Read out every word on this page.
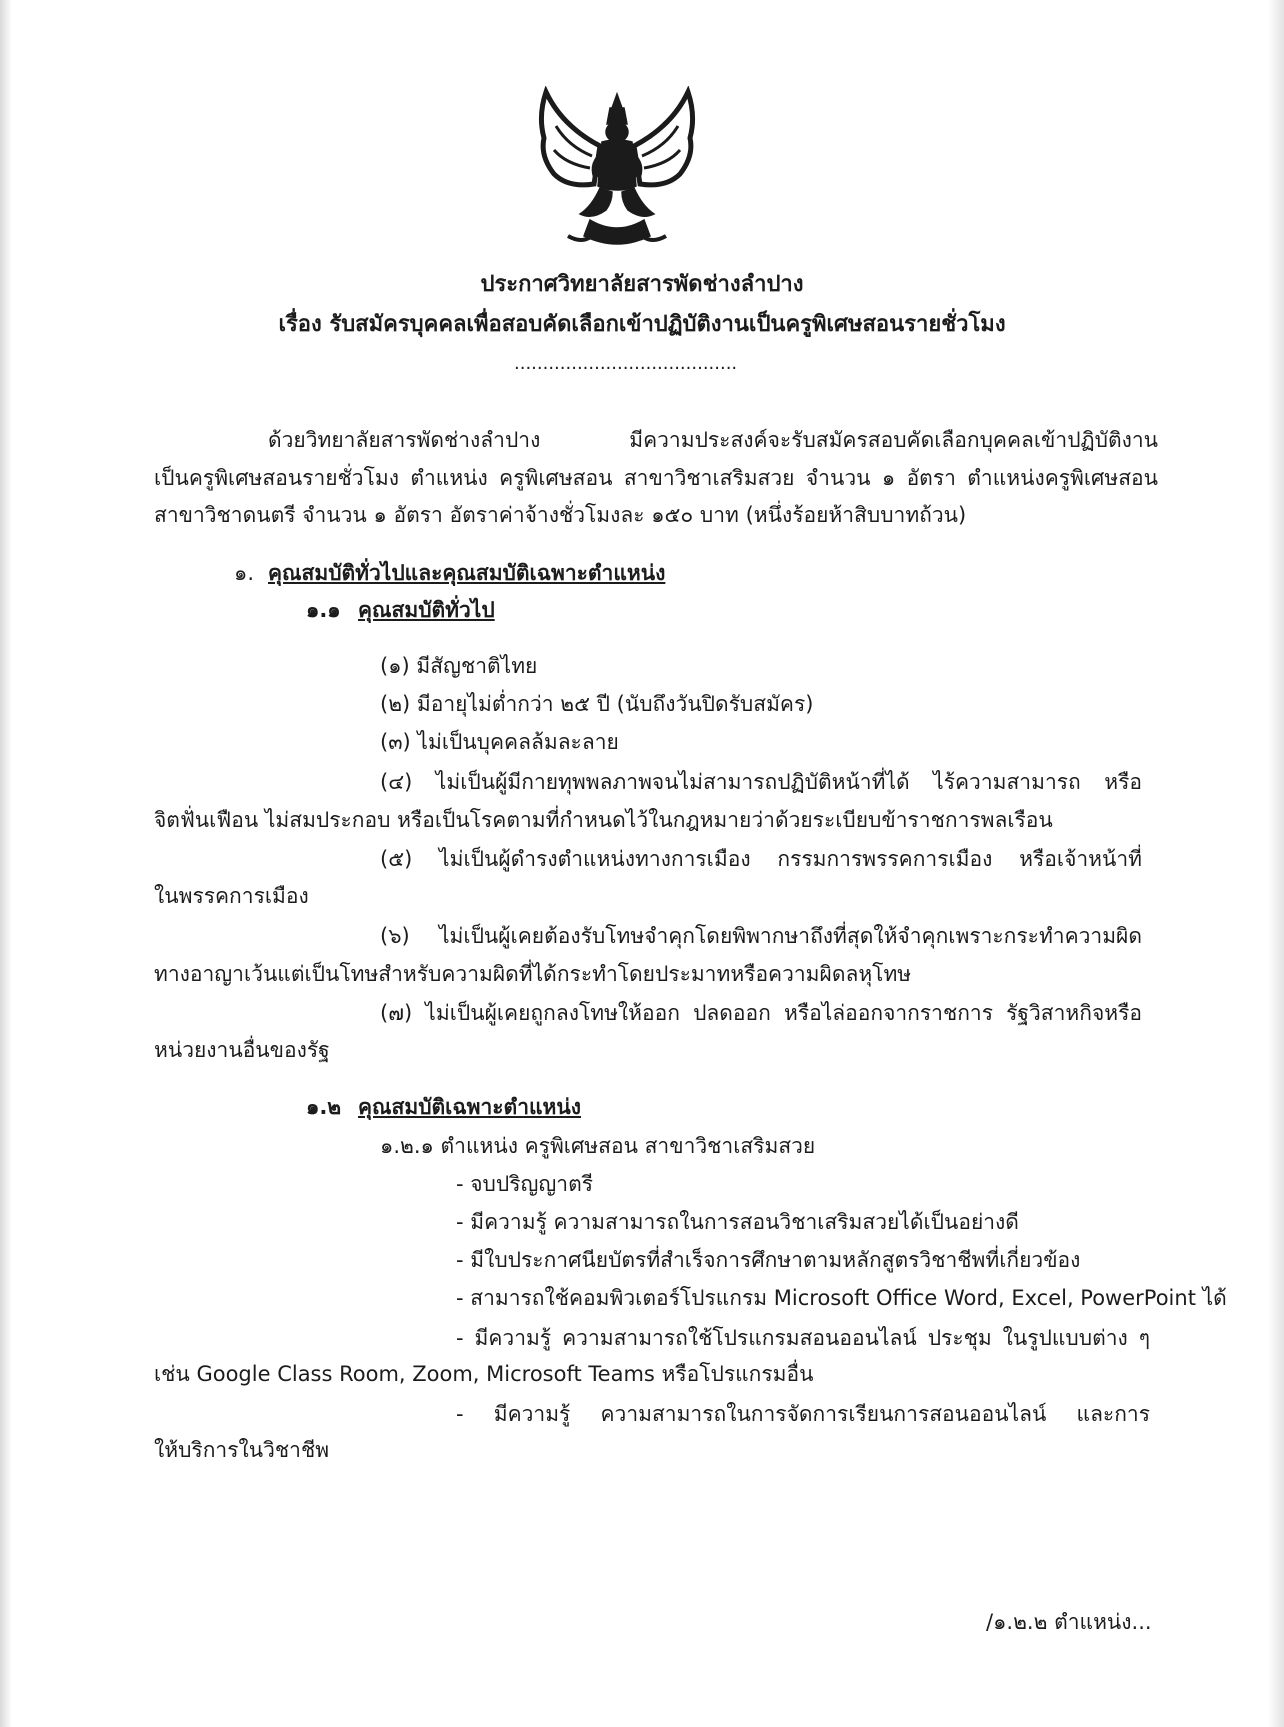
ประกาศวิทยาลัยสารพัดช่างลำปาง
เรื่อง รับสมัครบุคคลเพื่อสอบคัดเลือกเข้าปฏิบัติงานเป็นครูพิเศษสอนรายชั่วโมง
.......................................
ด้วยวิทยาลัยสารพัดช่างลำปาง มีความประสงค์จะรับสมัครสอบคัดเลือกบุคคลเข้าปฏิบัติงาน
เป็นครูพิเศษสอนรายชั่วโมง ตำแหน่ง ครูพิเศษสอน สาขาวิชาเสริมสวย จำนวน ๑ อัตรา ตำแหน่งครูพิเศษสอน
สาขาวิชาดนตรี จำนวน ๑ อัตรา อัตราค่าจ้างชั่วโมงละ ๑๕๐ บาท (หนึ่งร้อยห้าสิบบาทถ้วน)
๑. คุณสมบัติทั่วไปและคุณสมบัติเฉพาะตำแหน่ง
๑.๑ คุณสมบัติทั่วไป
(๑) มีสัญชาติไทย
(๒) มีอายุไม่ต่ำกว่า ๒๕ ปี (นับถึงวันปิดรับสมัคร)
(๓) ไม่เป็นบุคคลล้มละลาย
(๔) ไม่เป็นผู้มีกายทุพพลภาพจนไม่สามารถปฏิบัติหน้าที่ได้ ไร้ความสามารถ หรือ
จิตฟั่นเฟือน ไม่สมประกอบ หรือเป็นโรคตามที่กำหนดไว้ในกฎหมายว่าด้วยระเบียบข้าราชการพลเรือน
(๕) ไม่เป็นผู้ดำรงตำแหน่งทางการเมือง กรรมการพรรคการเมือง หรือเจ้าหน้าที่
ในพรรคการเมือง
(๖) ไม่เป็นผู้เคยต้องรับโทษจำคุกโดยพิพากษาถึงที่สุดให้จำคุกเพราะกระทำความผิด
ทางอาญาเว้นแต่เป็นโทษสำหรับความผิดที่ได้กระทำโดยประมาทหรือความผิดลหุโทษ
(๗) ไม่เป็นผู้เคยถูกลงโทษให้ออก ปลดออก หรือไล่ออกจากราชการ รัฐวิสาหกิจหรือ
หน่วยงานอื่นของรัฐ
๑.๒ คุณสมบัติเฉพาะตำแหน่ง
๑.๒.๑ ตำแหน่ง ครูพิเศษสอน สาขาวิชาเสริมสวย
- จบปริญญาตรี
- มีความรู้ ความสามารถในการสอนวิชาเสริมสวยได้เป็นอย่างดี
- มีใบประกาศนียบัตรที่สำเร็จการศึกษาตามหลักสูตรวิชาชีพที่เกี่ยวข้อง
- สามารถใช้คอมพิวเตอร์โปรแกรม Microsoft Office Word, Excel, PowerPoint ได้
- มีความรู้ ความสามารถใช้โปรแกรมสอนออนไลน์ ประชุม ในรูปแบบต่าง ๆ
เช่น Google Class Room, Zoom, Microsoft Teams หรือโปรแกรมอื่น
- มีความรู้ ความสามารถในการจัดการเรียนการสอนออนไลน์ และการ
ให้บริการในวิชาชีพ
/๑.๒.๒ ตำแหน่ง...
